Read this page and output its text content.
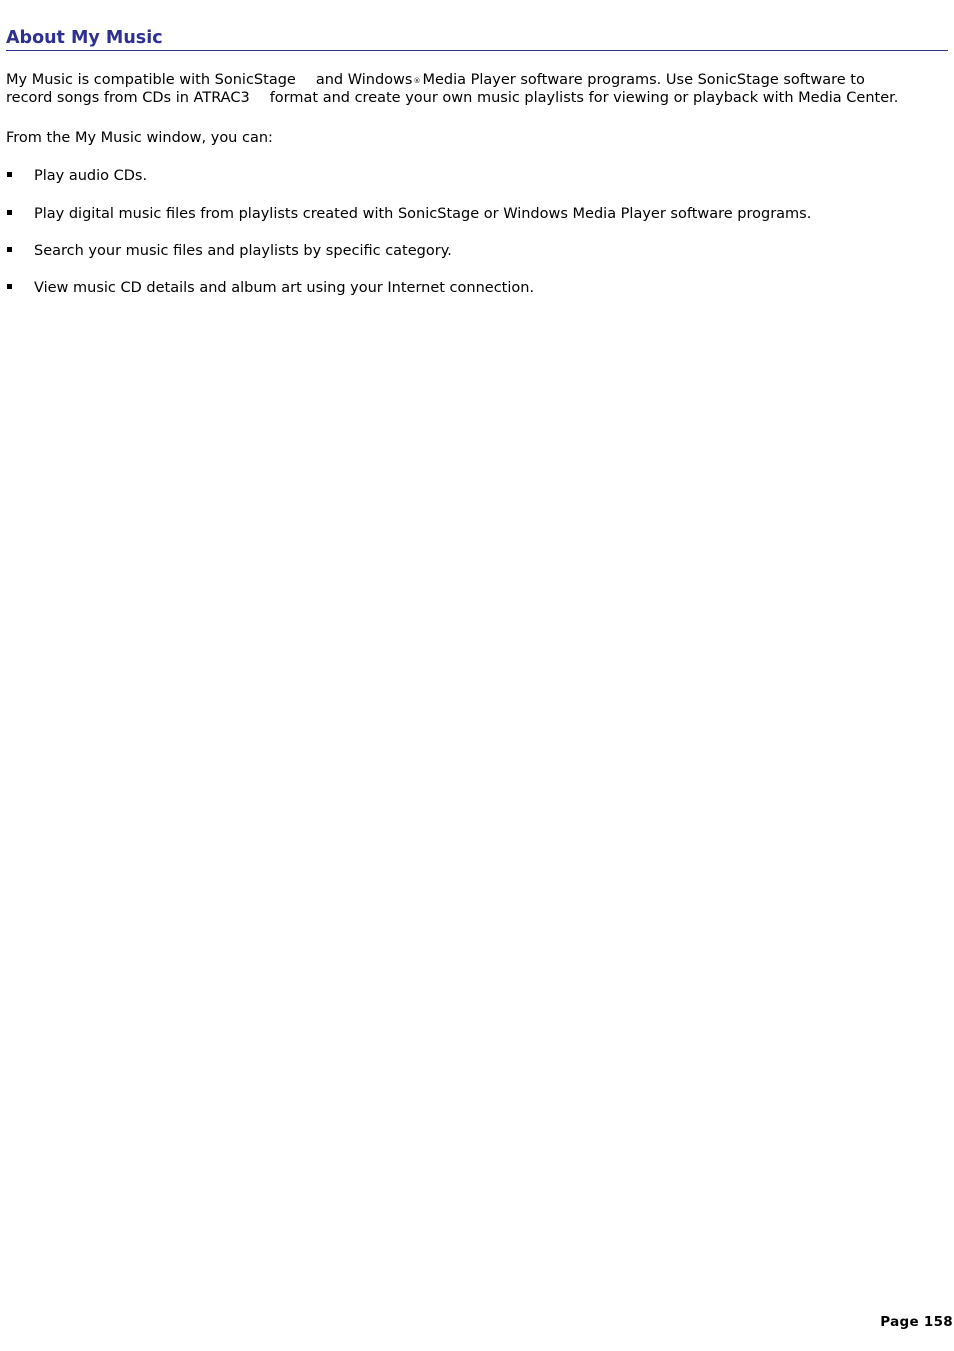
About My Music

My Music is compatible with SonicStage and Windows® Media Player software programs. Use SonicStage software to
record songs from CDs in ATRAC3 format and create your own music playlists for viewing or playback with Media Center.

From the My Music window, you can:

Play audio CDs.
Play digital music files from playlists created with SonicStage or Windows Media Player software programs.
Search your music files and playlists by specific category.
View music CD details and album art using your Internet connection.
Page 158
